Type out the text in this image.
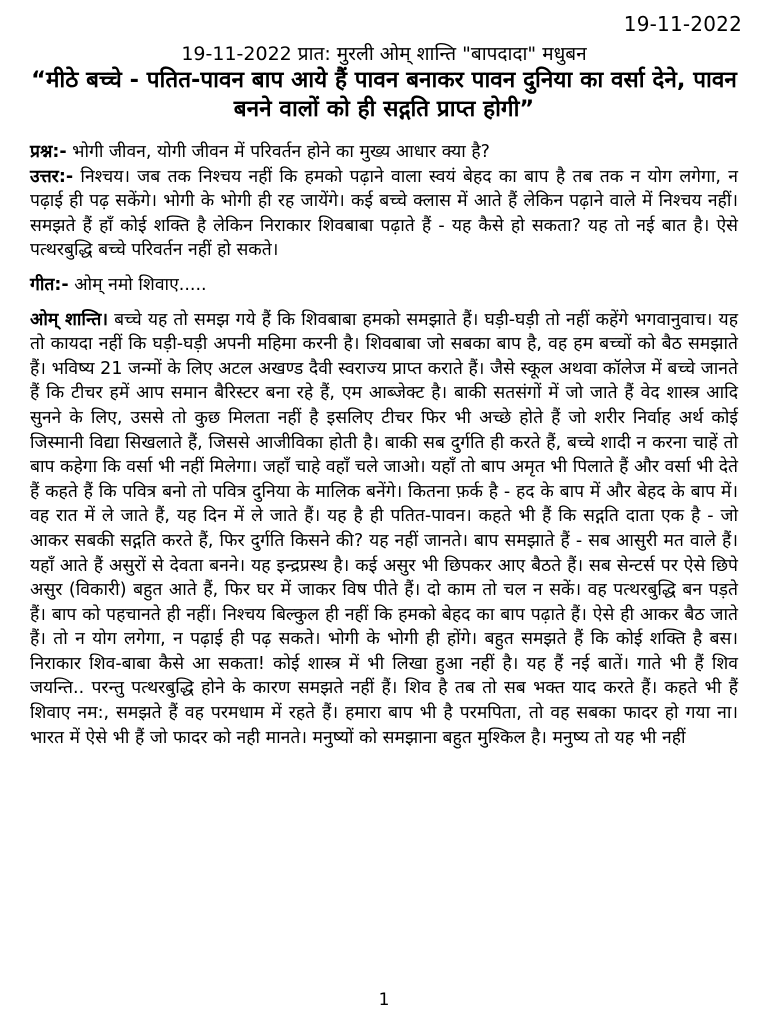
19-11-2022
19-11-2022 प्रात: मुरली ओम् शान्ति "बापदादा" मधुबन
“मीठे बच्चे - पतित-पावन बाप आये हैं पावन बनाकर पावन दुनिया का वर्सा देने, पावन बनने वालों को ही सद्गति प्राप्त होगी”

प्रश्न:- भोगी जीवन, योगी जीवन में परिवर्तन होने का मुख्य आधार क्या है?

उत्तर:- निश्चय। जब तक निश्चय नहीं कि हमको पढ़ाने वाला स्वयं बेहद का बाप है तब तक न योग लगेगा, न पढ़ाई ही पढ़ सकेंगे। भोगी के भोगी ही रह जायेंगे। कई बच्चे क्लास में आते हैं लेकिन पढ़ाने वाले में निश्चय नहीं। समझते हैं हाँ कोई शक्ति है लेकिन निराकार शिवबाबा पढ़ाते हैं - यह कैसे हो सकता? यह तो नई बात है। ऐसे पत्थरबुद्धि बच्चे परिवर्तन नहीं हो सकते।

गीत:- ओम् नमो शिवाए.....

ओम् शान्ति। बच्चे यह तो समझ गये हैं कि शिवबाबा हमको समझाते हैं। घड़ी-घड़ी तो नहीं कहेंगे भगवानुवाच। यह तो कायदा नहीं कि घड़ी-घड़ी अपनी महिमा करनी है। शिवबाबा जो सबका बाप है, वह हम बच्चों को बैठ समझाते हैं। भविष्य 21 जन्मों के लिए अटल अखण्ड दैवी स्वराज्य प्राप्त कराते हैं। जैसे स्कूल अथवा कॉलेज में बच्चे जानते हैं कि टीचर हमें आप समान बैरिस्टर बना रहे हैं, एम आब्जेक्ट है। बाकी सतसंगों में जो जाते हैं वेद शास्त्र आदि सुनने के लिए, उससे तो कुछ मिलता नहीं है इसलिए टीचर फिर भी अच्छे होते हैं जो शरीर निर्वाह अर्थ कोई जिस्मानी विद्या सिखलाते हैं, जिससे आजीविका होती है। बाकी सब दुर्गति ही करते हैं, बच्चे शादी न करना चाहें तो बाप कहेगा कि वर्सा भी नहीं मिलेगा। जहाँ चाहे वहाँ चले जाओ। यहाँ तो बाप अमृत भी पिलाते हैं और वर्सा भी देते हैं कहते हैं कि पवित्र बनो तो पवित्र दुनिया के मालिक बनेंगे। कितना फ़र्क है - हद के बाप में और बेहद के बाप में। वह रात में ले जाते हैं, यह दिन में ले जाते हैं। यह है ही पतित-पावन। कहते भी हैं कि सद्गति दाता एक है - जो आकर सबकी सद्गति करते हैं, फिर दुर्गति किसने की? यह नहीं जानते। बाप समझाते हैं - सब आसुरी मत वाले हैं। यहाँ आते हैं असुरों से देवता बनने। यह इन्द्रप्रस्थ है। कई असुर भी छिपकर आए बैठते हैं। सब सेन्टर्स पर ऐसे छिपे असुर (विकारी) बहुत आते हैं, फिर घर में जाकर विष पीते हैं। दो काम तो चल न सकें। वह पत्थरबुद्धि बन पड़ते हैं। बाप को पहचानते ही नहीं। निश्चय बिल्कुल ही नहीं कि हमको बेहद का बाप पढ़ाते हैं। ऐसे ही आकर बैठ जाते हैं। तो न योग लगेगा, न पढ़ाई ही पढ़ सकते। भोगी के भोगी ही होंगे। बहुत समझते हैं कि कोई शक्ति है बस। निराकार शिव-बाबा कैसे आ सकता! कोई शास्त्र में भी लिखा हुआ नहीं है। यह हैं नई बातें। गाते भी हैं शिव जयन्ति.. परन्तु पत्थरबुद्धि होने के कारण समझते नहीं हैं। शिव है तब तो सब भक्त याद करते हैं। कहते भी हैं शिवाए नम:, समझते हैं वह परमधाम में रहते हैं। हमारा बाप भी है परमपिता, तो वह सबका फादर हो गया ना। भारत में ऐसे भी हैं जो फादर को नही मानते। मनुष्यों को समझाना बहुत मुश्किल है। मनुष्य तो यह भी नहीं

1
